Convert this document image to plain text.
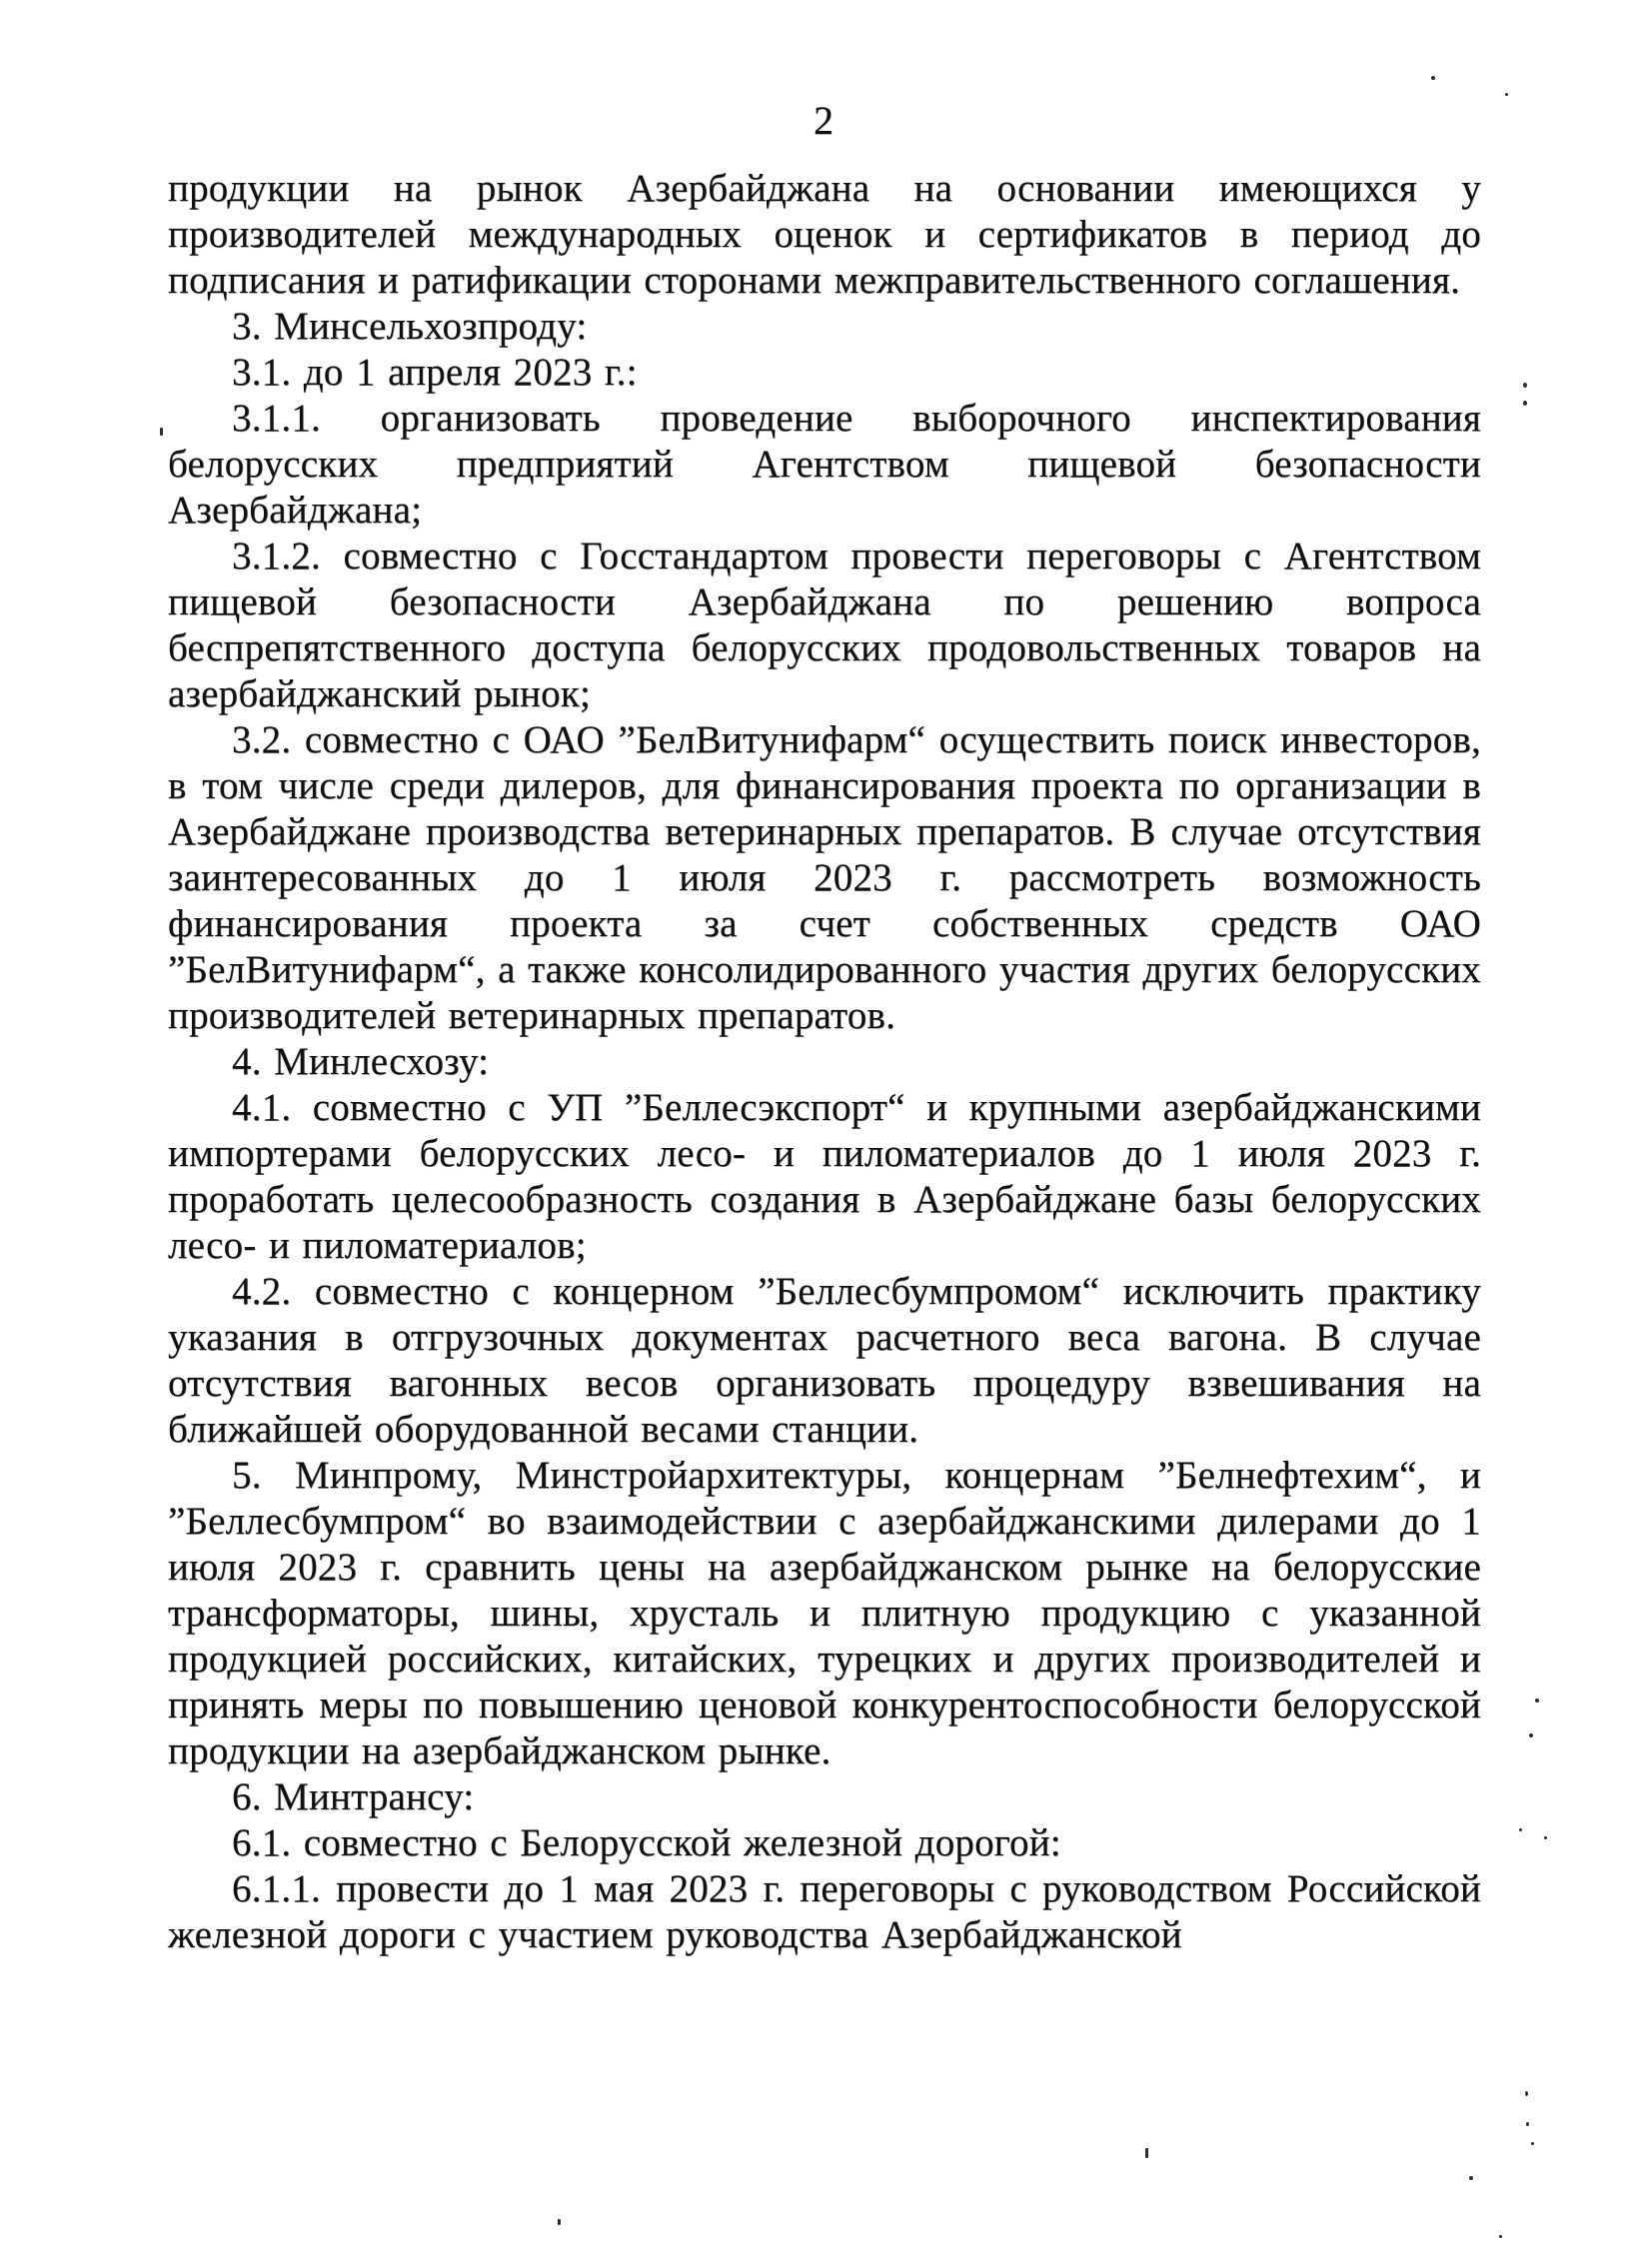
2

продукции на рынок Азербайджана на основании имеющихся у производителей международных оценок и сертификатов в период до подписания и ратификации сторонами межправительственного соглашения.

3. Минсельхозпроду:

3.1. до 1 апреля 2023 г.:

3.1.1. организовать проведение выборочного инспектирования белорусских предприятий Агентством пищевой безопасности Азербайджана;

3.1.2. совместно с Госстандартом провести переговоры с Агентством пищевой безопасности Азербайджана по решению вопроса беспрепятственного доступа белорусских продовольственных товаров на азербайджанский рынок;

3.2. совместно с ОАО ”БелВитунифарм“ осуществить поиск инвесторов, в том числе среди дилеров, для финансирования проекта по организации в Азербайджане производства ветеринарных препаратов. В случае отсутствия заинтересованных до 1 июля 2023 г. рассмотреть возможность финансирования проекта за счет собственных средств ОАО ”БелВитунифарм“, а также консолидированного участия других белорусских производителей ветеринарных препаратов.

4. Минлесхозу:

4.1. совместно с УП ”Беллесэкспорт“ и крупными азербайджанскими импортерами белорусских лесо- и пиломатериалов до 1 июля 2023 г. проработать целесообразность создания в Азербайджане базы белорусских лесо- и пиломатериалов;

4.2. совместно с концерном ”Беллесбумпромом“ исключить практику указания в отгрузочных документах расчетного веса вагона. В случае отсутствия вагонных весов организовать процедуру взвешивания на ближайшей оборудованной весами станции.

5. Минпрому, Минстройархитектуры, концернам ”Белнефтехим“, и ”Беллесбумпром“ во взаимодействии с азербайджанскими дилерами до 1 июля 2023 г. сравнить цены на азербайджанском рынке на белорусские трансформаторы, шины, хрусталь и плитную продукцию с указанной продукцией российских, китайских, турецких и других производителей и принять меры по повышению ценовой конкурентоспособности белорусской продукции на азербайджанском рынке.

6. Минтрансу:

6.1. совместно с Белорусской железной дорогой:

6.1.1. провести до 1 мая 2023 г. переговоры с руководством Российской железной дороги с участием руководства Азербайджанской
